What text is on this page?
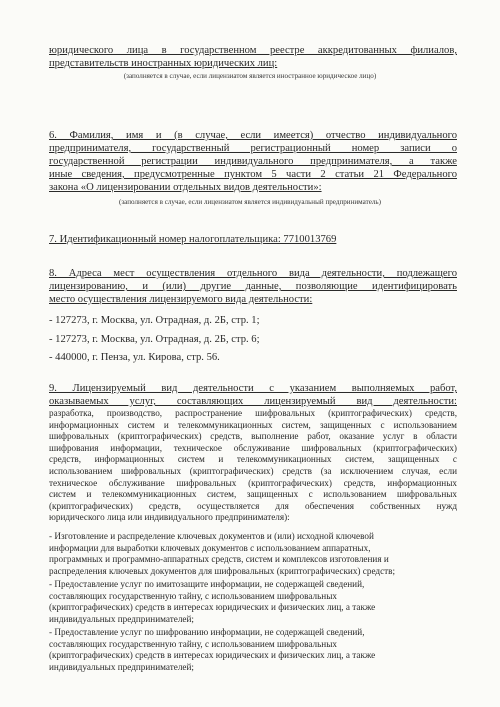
юридического лица в государственном реестре аккредитованных филиалов,
представительств иностранных юридических лиц:
(заполняется в случае, если лицензиатом является иностранное юридическое лицо)
6. Фамилия, имя и (в случае, если имеется) отчество индивидуального
предпринимателя, государственный регистрационный номер записи о
государственной регистрации индивидуального предпринимателя, а также
иные сведения, предусмотренные пунктом 5 части 2 статьи 21 Федерального
закона «О лицензировании отдельных видов деятельности»:
(заполняется в случае, если лицензиатом является индивидуальный предприниматель)
7. Идентификационный номер налогоплательщика: 7710013769
8. Адреса мест осуществления отдельного вида деятельности, подлежащего
лицензированию, и (или) другие данные, позволяющие идентифицировать
место осуществления лицензируемого вида деятельности:
- 127273, г. Москва, ул. Отрадная, д. 2Б, стр. 1;
- 127273, г. Москва, ул. Отрадная, д. 2Б, стр. 6;
- 440000, г. Пенза, ул. Кирова, стр. 56.
9. Лицензируемый вид деятельности с указанием выполняемых работ,
оказываемых услуг, составляющих лицензируемый вид деятельности:
разработка, производство, распространение шифровальных (криптографических) средств,
информационных систем и телекоммуникационных систем, защищенных с использованием
шифровальных (криптографических) средств, выполнение работ, оказание услуг в области
шифрования информации, техническое обслуживание шифровальных (криптографических)
средств, информационных систем и телекоммуникационных систем, защищенных с
использованием шифровальных (криптографических) средств (за исключением случая, если
техническое обслуживание шифровальных (криптографических) средств, информационных
систем и телекоммуникационных систем, защищенных с использованием шифровальных
(криптографических) средств, осуществляется для обеспечения собственных нужд
юридического лица или индивидуального предпринимателя):
- Изготовление и распределение ключевых документов и (или) исходной ключевой
информации для выработки ключевых документов с использованием аппаратных,
программных и программно-аппаратных средств, систем и комплексов изготовления и
распределения ключевых документов для шифровальных (криптографических) средств;
- Предоставление услуг по имитозащите информации, не содержащей сведений,
составляющих государственную тайну, с использованием шифровальных
(криптографических) средств в интересах юридических и физических лиц, а также
индивидуальных предпринимателей;
- Предоставление услуг по шифрованию информации, не содержащей сведений,
составляющих государственную тайну, с использованием шифровальных
(криптографических) средств в интересах юридических и физических лиц, а также
индивидуальных предпринимателей;
